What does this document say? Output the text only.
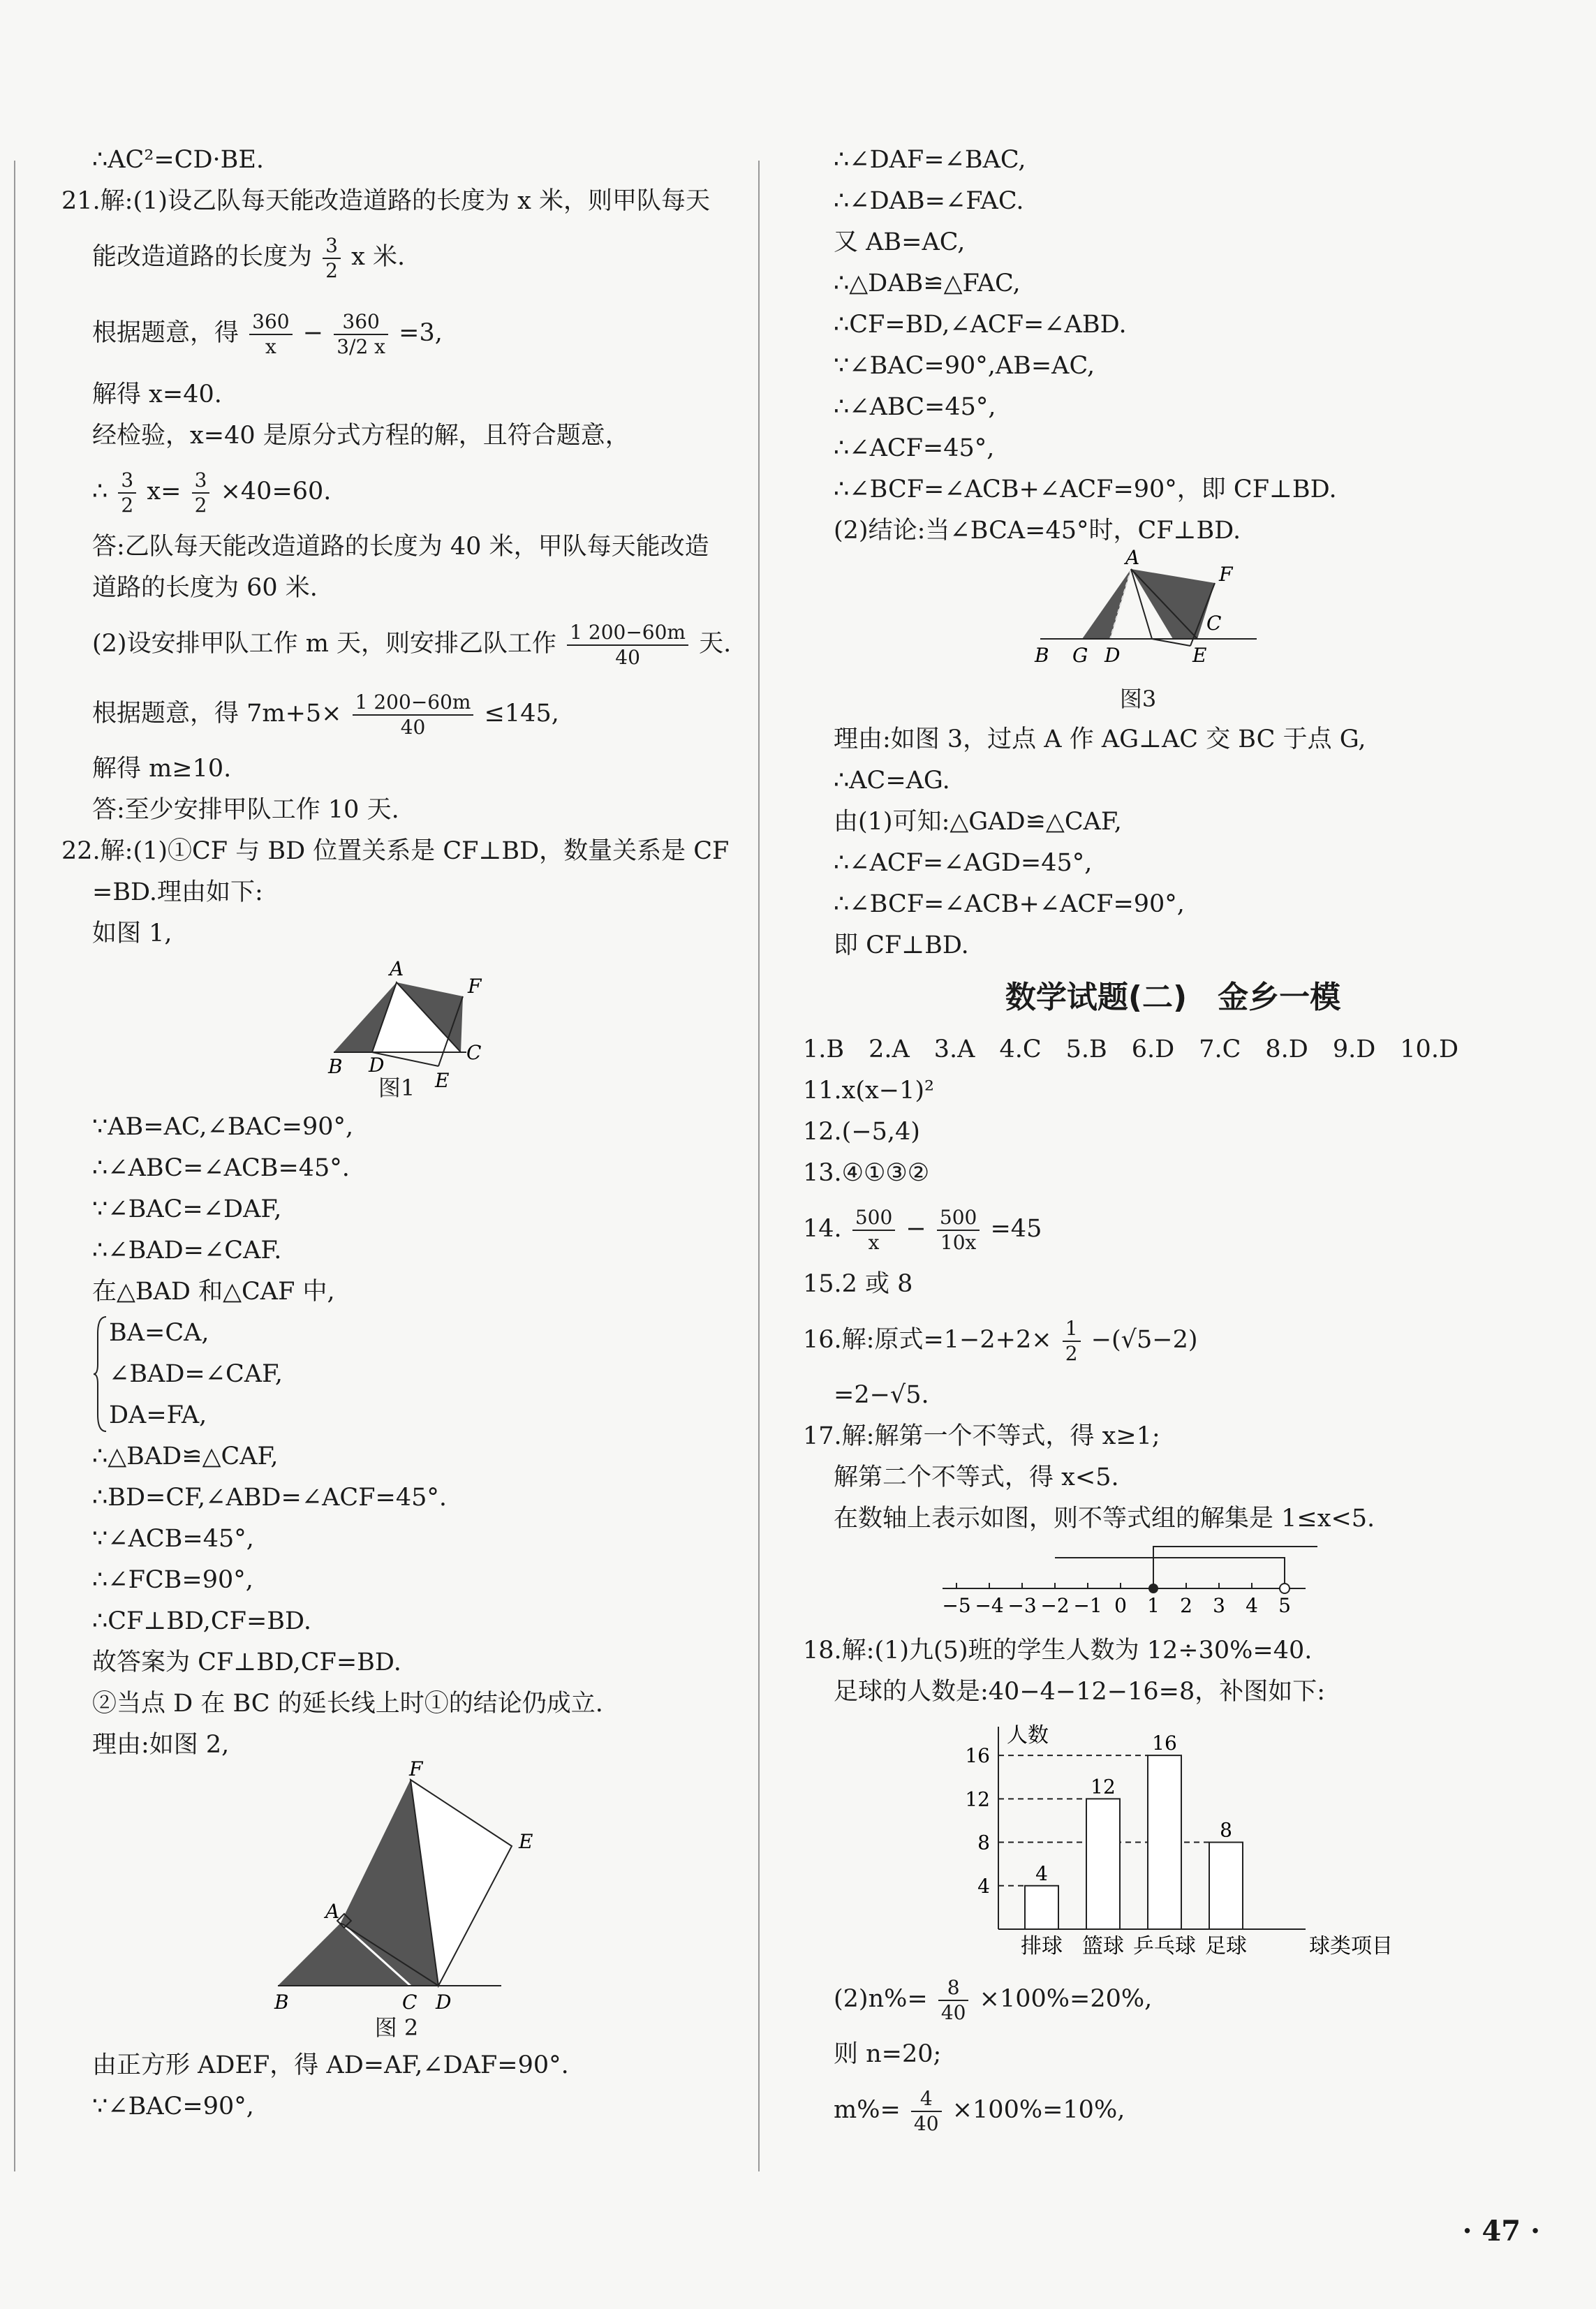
∴AC²=CD·BE.
21.解:(1)设乙队每天能改造道路的长度为 x 米，则甲队每天
能改造道路的长度为 $\frac{3}{2}$ x 米.
根据题意，得 $\frac{360}{x} - \frac{360}{3/2 x} =3$,
解得 x=40.
经检验，x=40 是原分式方程的解，且符合题意，
∴ $\frac{3}{2} x= \frac{3}{2} \times 40=60$.
答:乙队每天能改造道路的长度为 40 米，甲队每天能改造
道路的长度为 60 米.
(2)设安排甲队工作 m 天，则安排乙队工作 $\frac{1 200-60m}{40}$ 天.
根据题意，得 $7m+5\times \frac{1 200-60m}{40} \le 145$,
解得 m≥10.
答:至少安排甲队工作 10 天.
22.解:(1)①CF 与 BD 位置关系是 CF⊥BD，数量关系是 CF
=BD.理由如下:
如图 1,
A
F
B D
C
E
图1
∵AB=AC,∠BAC=90°,
∴∠ABC=∠ACB=45°.
∵∠BAC=∠DAF,
∴∠BAD=∠CAF.
在△BAD 和△CAF 中,
BA=CA,
∠BAD=∠CAF,
DA=FA,
∴△BAD≌△CAF,
∴BD=CF,∠ABD=∠ACF=45°.
∵∠ACB=45°,
∴∠FCB=90°,
∴CF⊥BD,CF=BD.
故答案为 CF⊥BD,CF=BD.
②当点 D 在 BC 的延长线上时①的结论仍成立.
理由:如图 2,
F
A
E
B	C D
图 2
由正方形 ADEF，得 AD=AF,∠DAF=90°.
∵∠BAC=90°,
∴∠DAF=∠BAC,
∴∠DAB=∠FAC.
又 AB=AC,
∴△DAB≌△FAC,
∴CF=BD,∠ACF=∠ABD.
∵∠BAC=90°,AB=AC,
∴∠ABC=45°,
∴∠ACF=45°,
∴∠BCF=∠ACB+∠ACF=90°，即 CF⊥BD.
(2)结论:当∠BCA=45°时，CF⊥BD.
A
F
C
B G D	E
图3
理由:如图 3，过点 A 作 AG⊥AC 交 BC 于点 G,
∴AC=AG.
由(1)可知:△GAD≌△CAF,
∴∠ACF=∠AGD=45°,
∴∠BCF=∠ACB+∠ACF=90°,
即 CF⊥BD.
数学试题(二)　金乡一模
1.B　2.A　3.A　4.C　5.B　6.D　7.C　8.D　9.D　10.D
11.x(x−1)²
12.(−5,4)
13.④①③②
14. $\frac{500}{x} - \frac{500}{10x} =45$
15.2 或 8
16.解:原式$=1-2+2\times \frac{1}{2} -(√5-2)$
=2−√5.
17.解:解第一个不等式，得 x≥1;
解第二个不等式，得 x<5.
在数轴上表示如图，则不等式组的解集是 1≤x<5.
−5 −4 −3 −2 −1 0 1 2 3 4 5
18.解:(1)九(5)班的学生人数为 12÷30%=40.
足球的人数是:40−4−12−16=8，补图如下:
人数
球类项目
4
8
12
16
4
排球
12
篮球
16
乒乓球
8
足球
$(2)n\%= \frac{8}{40} \times 100\%=20\%$,
则 n=20;
$m\%= \frac{4}{40} \times 100\%=10\%$,
· 47 ·
